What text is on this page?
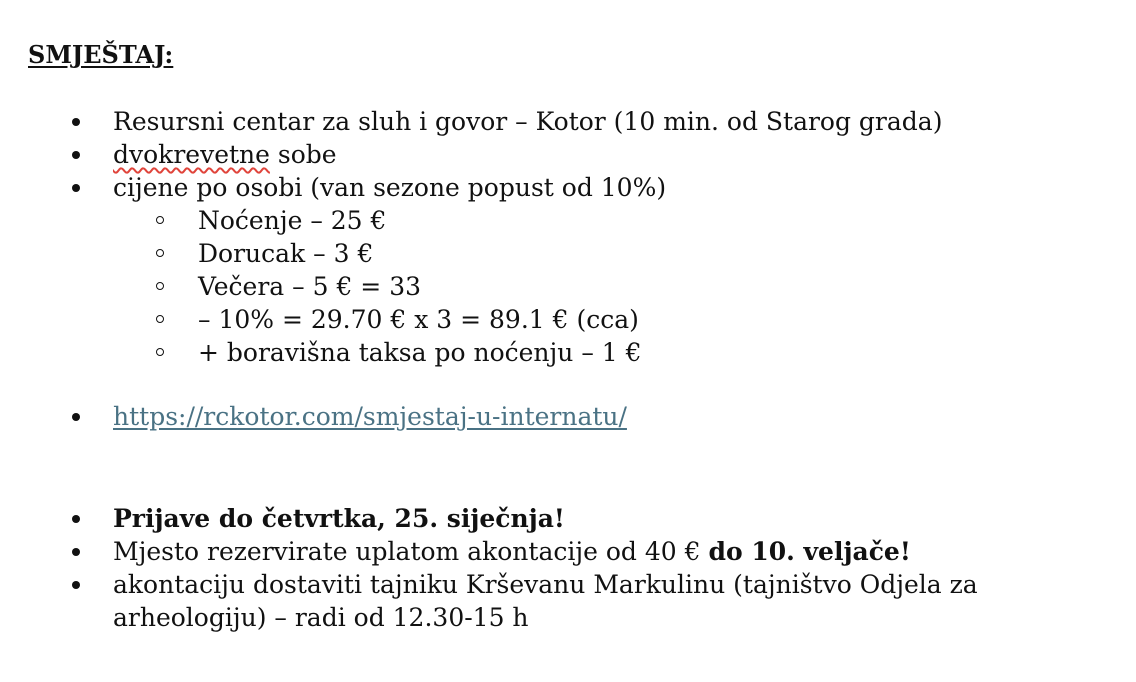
SMJEŠTAJ:
Resursni centar za sluh i govor – Kotor (10 min. od Starog grada)
dvokrevetne sobe
cijene po osobi (van sezone popust od 10%)
Noćenje – 25 €
Dorucak – 3 €
Večera – 5 € = 33
– 10% = 29.70 € x 3 = 89.1 € (cca)
+ boravišna taksa po noćenju – 1 €
https://rckotor.com/smjestaj-u-internatu/
Prijave do četvrtka, 25. siječnja!
Mjesto rezervirate uplatom akontacije od 40 € do 10. veljače!
akontaciju dostaviti tajniku Krševanu Markulinu (tajništvo Odjela za arheologiju) – radi od 12.30-15 h
